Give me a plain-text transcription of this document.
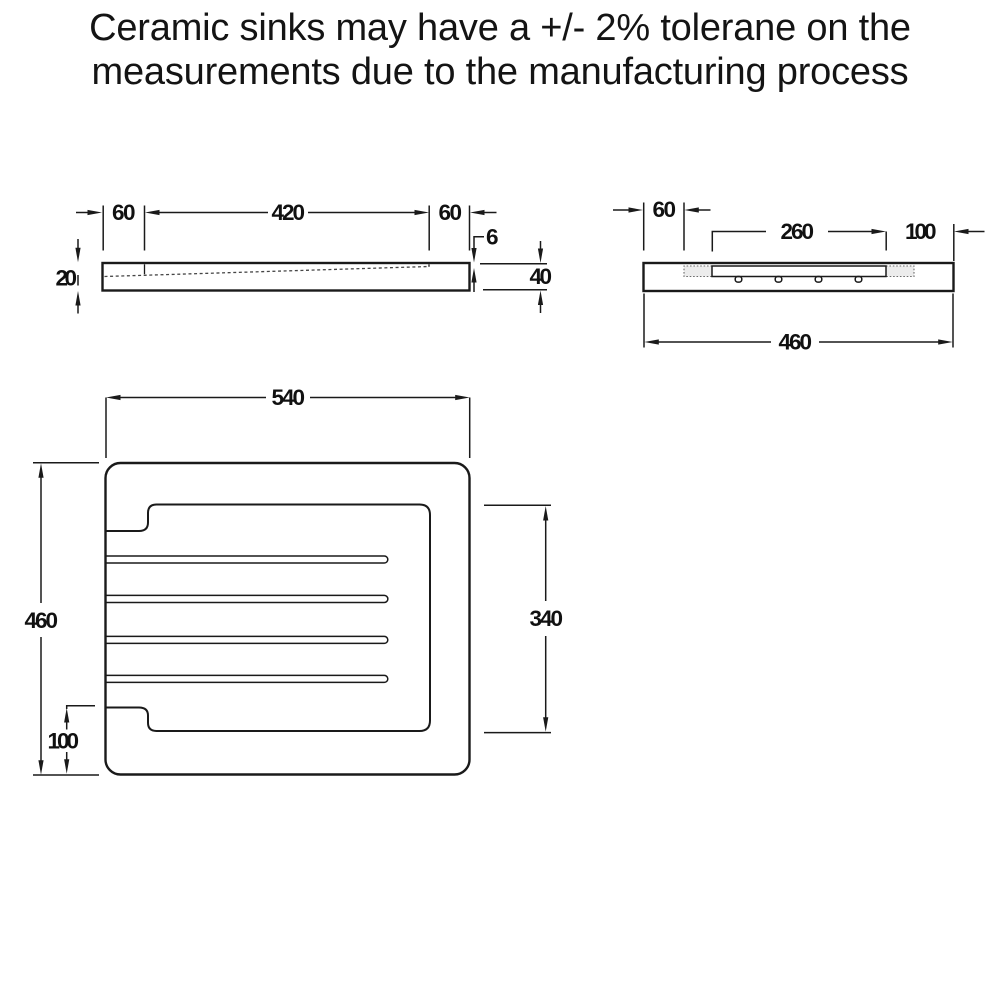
Ceramic sinks may have a +/- 2% tolerane on the
measurements due to the manufacturing process
60	420	60
6
40
20
60
260	100
460
540
460	340
100
